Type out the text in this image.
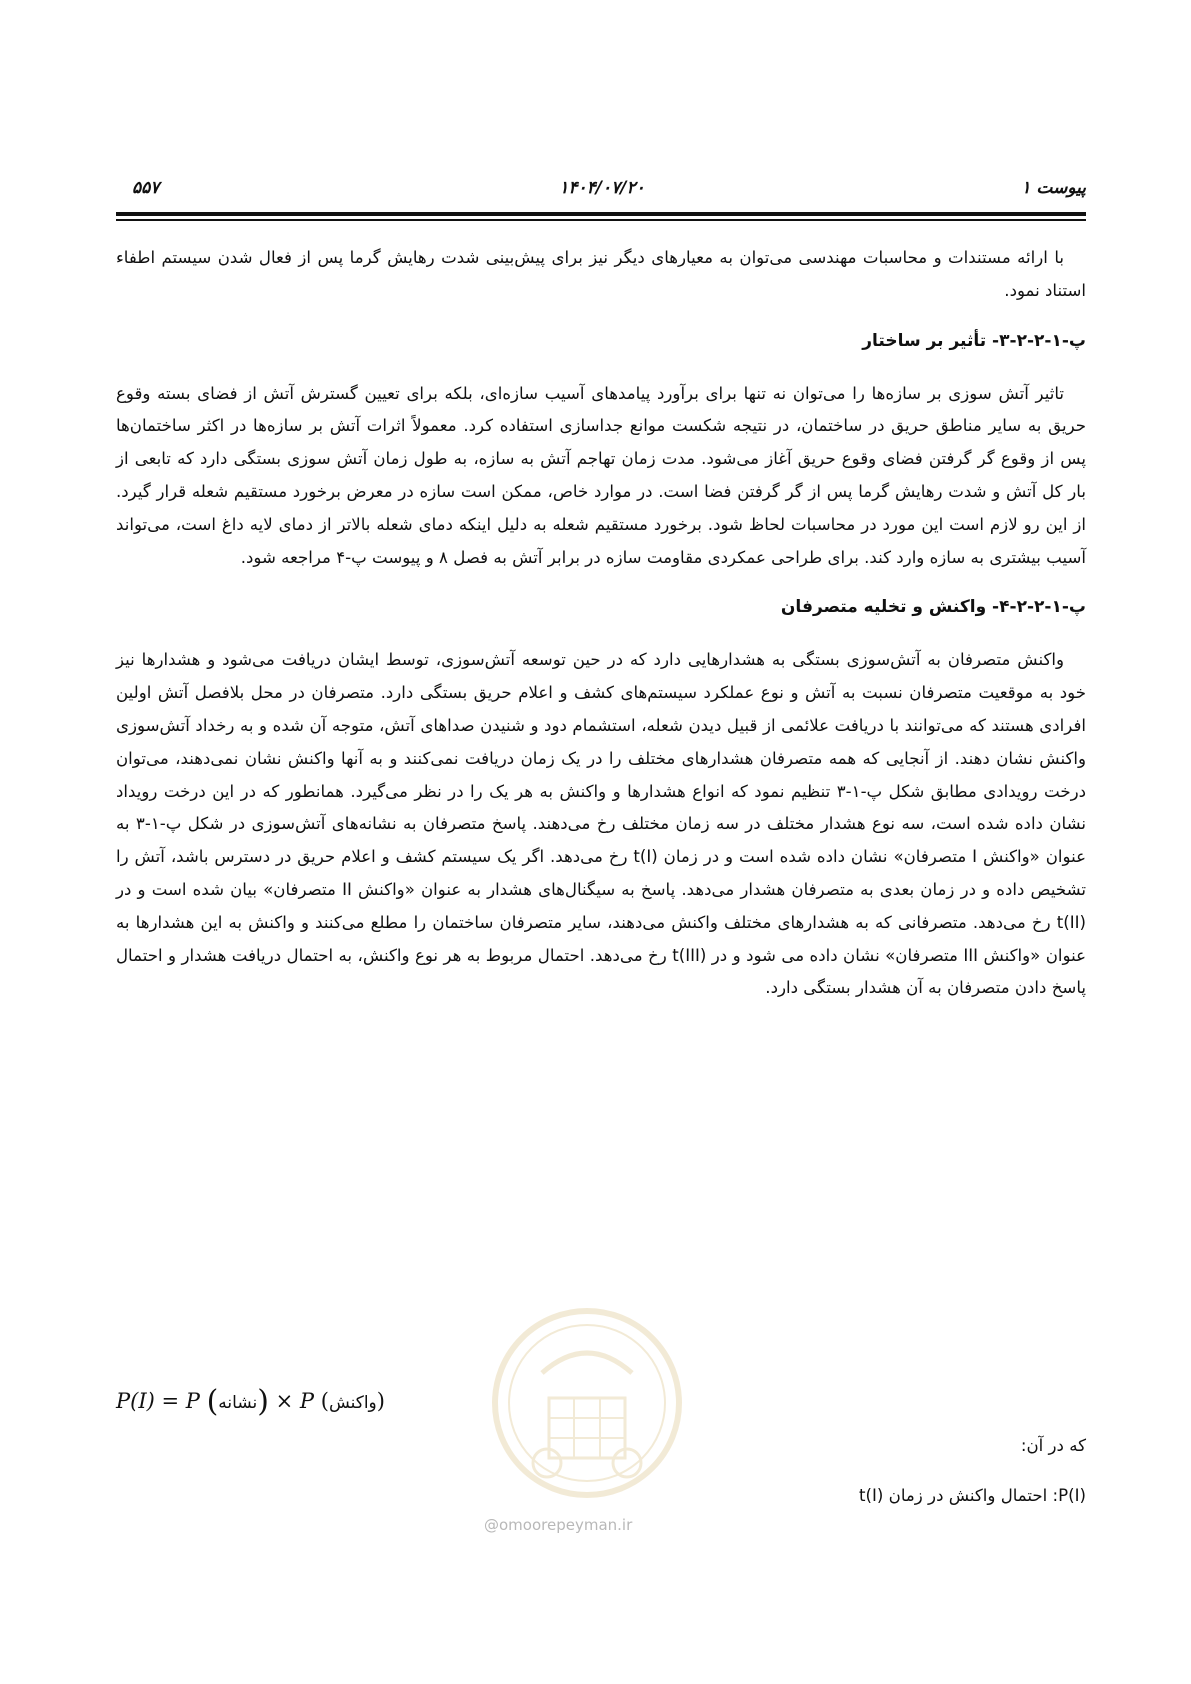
پیوست ۱
۱۴۰۴/۰۷/۲۰
۵۵۷

با ارائه مستندات و محاسبات مهندسی می‌توان به معیارهای دیگر نیز برای پیش‌بینی شدت رهایش گرما پس از فعال شدن سیستم اطفاء استناد نمود.

پ-۱-۲-۲-۳- تأثیر بر ساختار

تاثیر آتش سوزی بر سازه‌ها را می‌توان نه تنها برای برآورد پیامدهای آسیب سازه‌ای، بلکه برای تعیین گسترش آتش از فضای بسته وقوع حریق به سایر مناطق حریق در ساختمان، در نتیجه شکست موانع جداسازی استفاده کرد. معمولاً اثرات آتش بر سازه‌ها در اکثر ساختمان‌ها پس از وقوع گر گرفتن فضای وقوع حریق آغاز می‌شود. مدت زمان تهاجم آتش به سازه، به طول زمان آتش سوزی بستگی دارد که تابعی از بار کل آتش و شدت رهایش گرما پس از گر گرفتن فضا است. در موارد خاص، ممکن است سازه در معرض برخورد مستقیم شعله قرار گیرد. از این رو لازم است این مورد در محاسبات لحاظ شود. برخورد مستقیم شعله به دلیل اینکه دمای شعله بالاتر از دمای لایه داغ است، می‌تواند آسیب بیشتری به سازه وارد کند. برای طراحی عمکردی مقاومت سازه در برابر آتش به فصل ۸ و پیوست پ-۴ مراجعه شود.

پ-۱-۲-۲-۴- واکنش و تخلیه متصرفان

واکنش متصرفان به آتش‌سوزی بستگی به هشدارهایی دارد که در حین توسعه آتش‌سوزی، توسط ایشان دریافت می‌شود و هشدارها نیز خود به موقعیت متصرفان نسبت به آتش و نوع عملکرد سیستم‌های کشف و اعلام حریق بستگی دارد. متصرفان در محل بلافصل آتش اولین افرادی هستند که می‌توانند با دریافت علائمی از قبیل دیدن شعله، استشمام دود و شنیدن صداهای آتش، متوجه آن شده و به رخداد آتش‌سوزی واکنش نشان دهند. از آنجایی که همه متصرفان هشدارهای مختلف را در یک زمان دریافت نمی‌کنند و به آنها واکنش نشان نمی‌دهند، می‌توان درخت رویدادی مطابق شکل پ-۱-۳ تنظیم نمود که انواع هشدارها و واکنش به هر یک را در نظر می‌گیرد. همانطور که در این درخت رویداد نشان داده شده است، سه نوع هشدار مختلف در سه زمان مختلف رخ می‌دهند. پاسخ متصرفان به نشانه‌های آتش‌سوزی در شکل پ-۱-۳ به عنوان «واکنش I متصرفان» نشان داده شده است و در زمان t(I) رخ می‌دهد. اگر یک سیستم کشف و اعلام حریق در دسترس باشد، آتش را تشخیص داده و در زمان بعدی به متصرفان هشدار می‌دهد. پاسخ به سیگنال‌های هشدار به عنوان «واکنش II متصرفان» بیان شده است و در t(II) رخ می‌دهد. متصرفانی که به هشدارهای مختلف واکنش می‌دهند، سایر متصرفان ساختمان را مطلع می‌کنند و واکنش به این هشدارها به عنوان «واکنش III متصرفان» نشان داده می شود و در t(III) رخ می‌دهد. احتمال مربوط به هر نوع واکنش، به احتمال دریافت هشدار و احتمال پاسخ دادن متصرفان به آن هشدار بستگی دارد.

P(I) = P (نشانه) × P (واکنش)
که در آن:
P(I): احتمال واکنش در زمان t(I)
@omoorepeyman.ir
